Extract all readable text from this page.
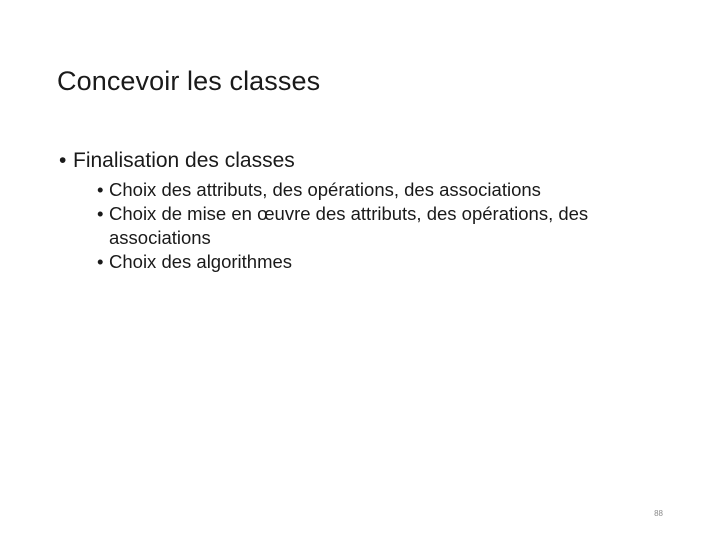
Concevoir les classes
• Finalisation des classes
• Choix des attributs, des opérations, des associations
• Choix de mise en œuvre des attributs, des opérations, des associations
• Choix des algorithmes
88
